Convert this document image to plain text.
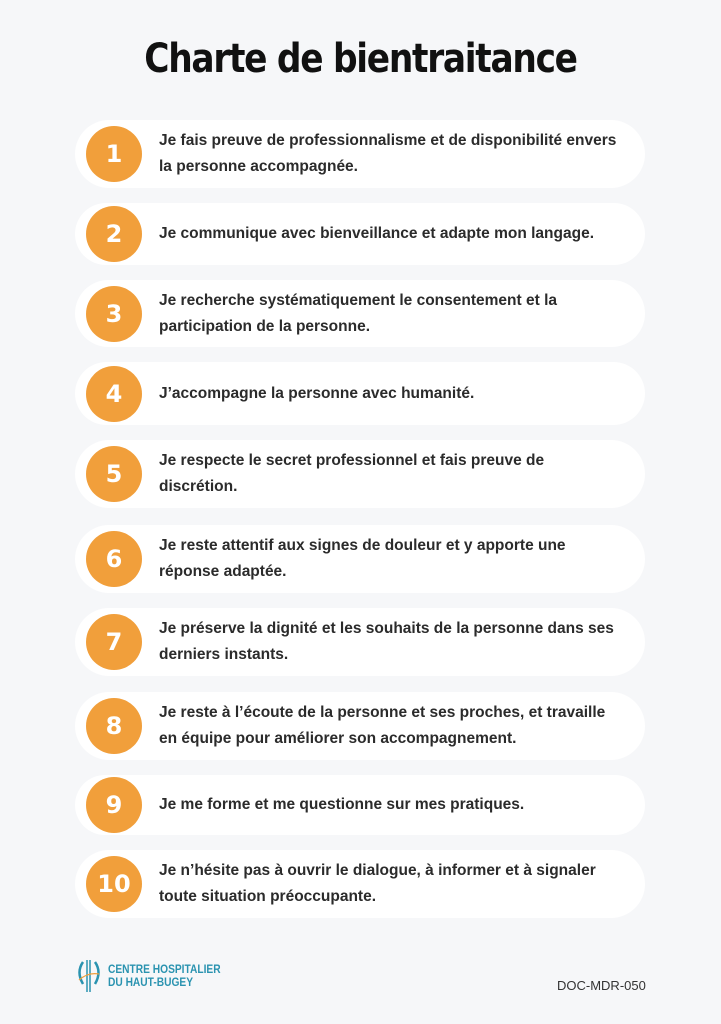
Charte de bientraitance
1	Je fais preuve de professionnalisme et de disponibilité envers la personne accompagnée.
2	Je communique avec bienveillance et adapte mon langage.
3	Je recherche systématiquement le consentement et la participation de la personne.
4	J’accompagne la personne avec humanité.
5	Je respecte le secret professionnel et fais preuve de discrétion.
6	Je reste attentif aux signes de douleur et y apporte une réponse adaptée.
7	Je préserve la dignité et les souhaits de la personne dans ses derniers instants.
8	Je reste à l’écoute de la personne et ses proches, et travaille en équipe pour améliorer son accompagnement.
9	Je me forme et me questionne sur mes pratiques.
10	Je n’hésite pas à ouvrir le dialogue, à informer et à signaler toute situation préoccupante.
CENTRE HOSPITALIER
DU HAUT-BUGEY	DOC-MDR-050
